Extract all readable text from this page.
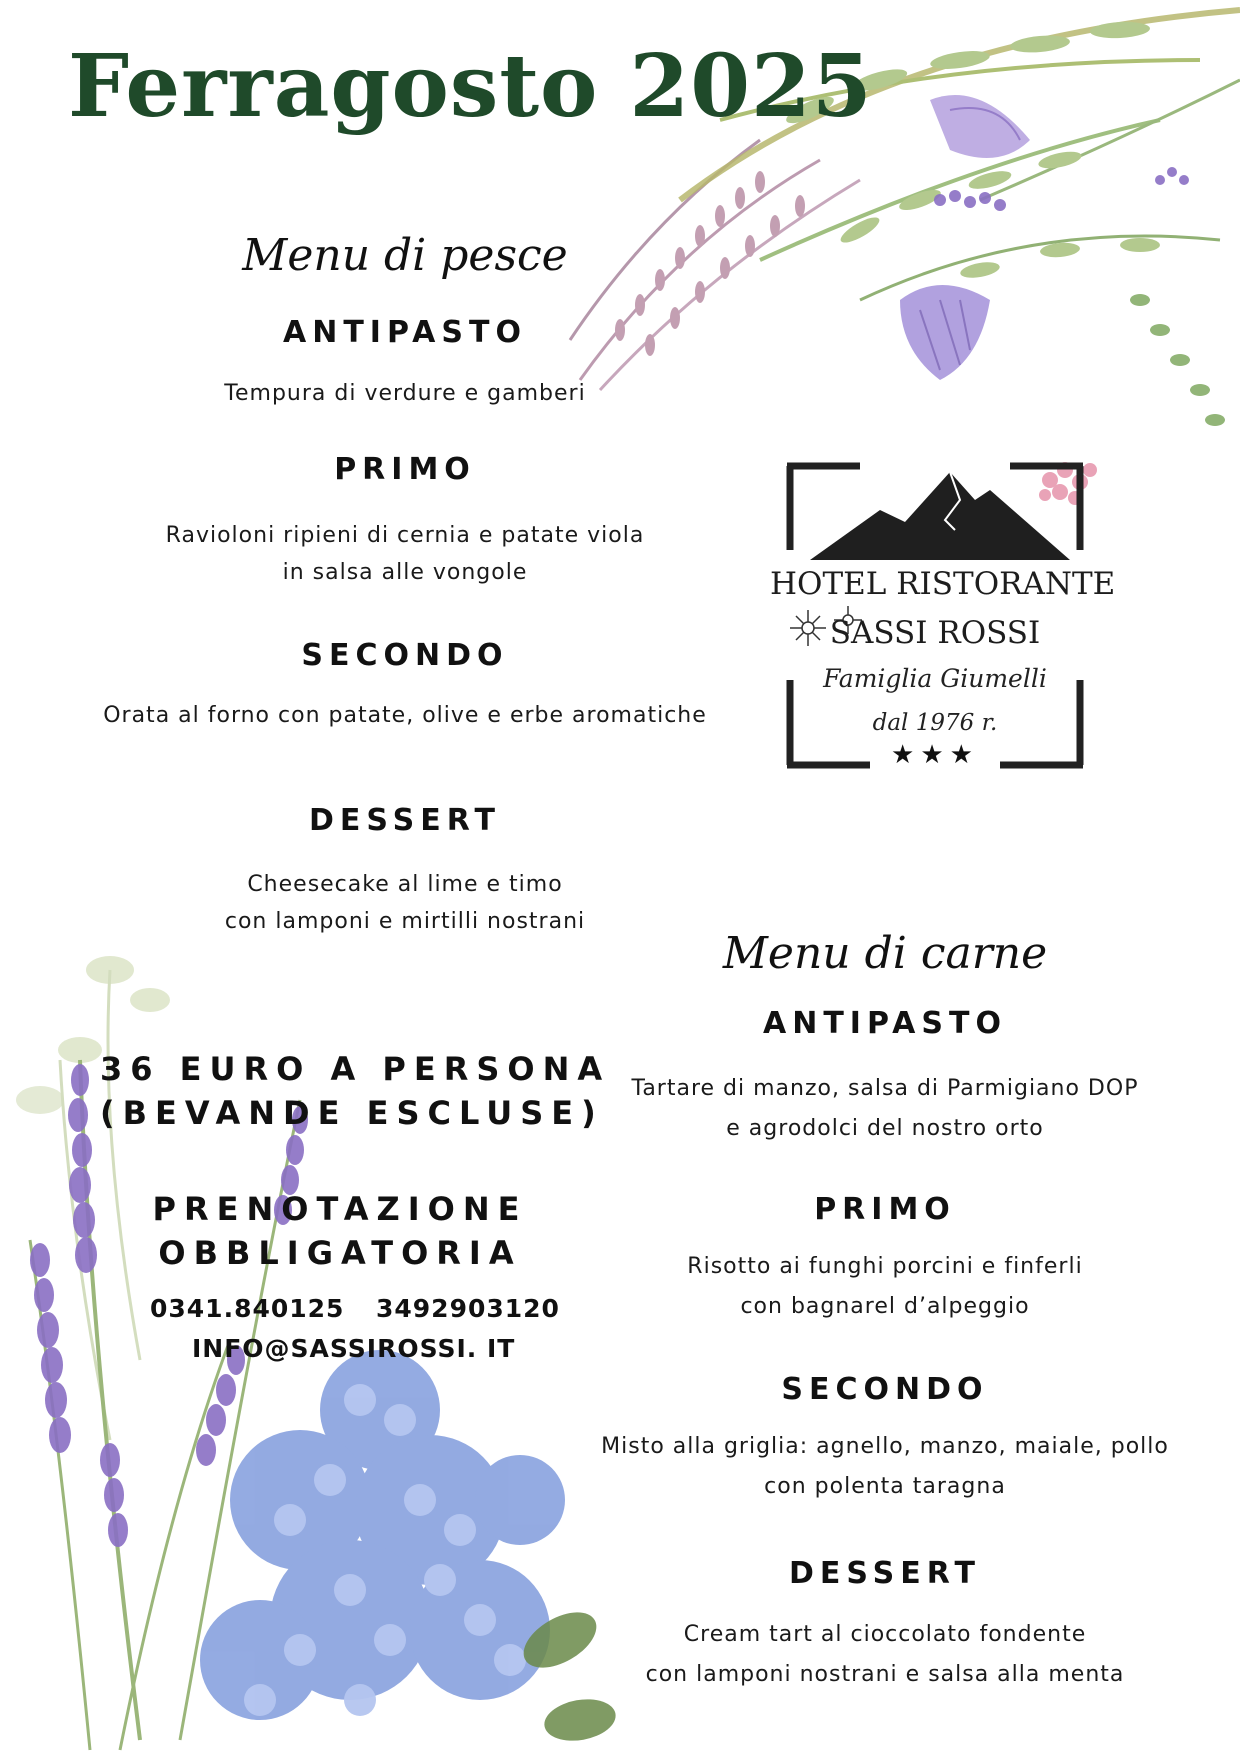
Ferragosto 2025
Menu di pesce
ANTIPASTO
Tempura di verdure e gamberi
PRIMO
Ravioloni ripieni di cernia e patate viola
in salsa alle vongole
SECONDO
Orata al forno con patate, olive e erbe aromatiche
DESSERT
Cheesecake al lime e timo
con lamponi e mirtilli nostrani
HOTEL RISTORANTE
SASSI ROSSI
Famiglia Giumelli
dal 1976 r.
★★★
Menu di carne
ANTIPASTO
Tartare di manzo, salsa di Parmigiano DOP
e agrodolci del nostro orto
PRIMO
Risotto ai funghi porcini e finferli
con bagnarel d’alpeggio
SECONDO
Misto alla griglia: agnello, manzo, maiale, pollo
con polenta taragna
DESSERT
Cream tart al cioccolato fondente
con lamponi nostrani e salsa alla menta
36 EURO A PERSONA
(BEVANDE ESCLUSE)
PRENOTAZIONE
OBBLIGATORIA
0341.840125 3492903120
INFO@SASSIROSSI. IT
